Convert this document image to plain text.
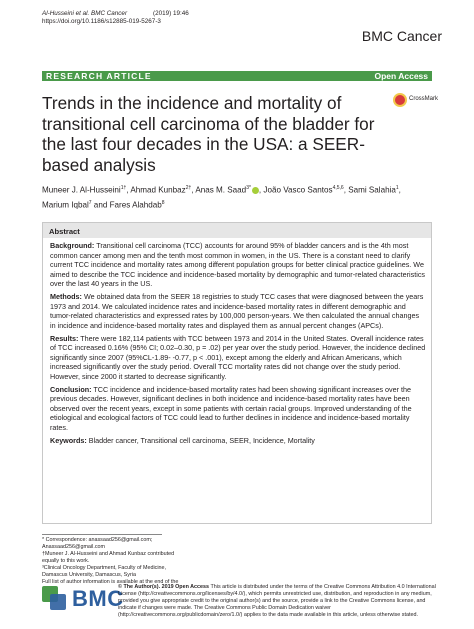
Al-Husseini et al. BMC Cancer	(2019) 19:46
https://doi.org/10.1186/s12885-019-5267-3
BMC Cancer
RESEARCH ARTICLE	Open Access
CrossMark
Trends in the incidence and mortality of transitional cell carcinoma of the bladder for the last four decades in the USA: a SEER-based analysis
Muneer J. Al-Husseini$^{1\dagger}$, Ahmad Kunbaz$^{2\dagger}$, Anas M. Saad$^{3*}$ , João Vasco Santos$^{4,5,6}$, Sami Salahia$^1$,
Marium Iqbal$^7$ and Fares Alahdab$^8$
Abstract

Background: Transitional cell carcinoma (TCC) accounts for around 95% of bladder cancers and is the 4th most common cancer among men and the tenth most common in women, in the US. There is a constant need to clarify current TCC incidence and mortality rates among different population groups for better clinical practice guidelines. We aimed to describe the TCC incidence and incidence-based mortality by demographic and tumor-related characteristics over the last 40 years in the US.

Methods: We obtained data from the SEER 18 registries to study TCC cases that were diagnosed between the years 1973 and 2014. We calculated incidence rates and incidence-based mortality rates in different demographic and tumor-related characteristics and expressed rates by 100,000 person-years. We then calculated the annual changes in incidence and incidence-based mortality rates and displayed them as annual percent changes (APCs).

Results: There were 182,114 patients with TCC between 1973 and 2014 in the United States. Overall incidence rates of TCC increased 0.16% (95% CI; 0.02–0.30, p = .02) per year over the study period. However, the incidence declined significantly since 2007 (95%CL-1.89- -0.77, p < .001), except among the elderly and African Americans, which increased significantly over the study period. Overall TCC mortality rates did not change over the study period. However, since 2000 it started to decrease significantly.

Conclusion: TCC incidence and incidence-based mortality rates had been showing significant increases over the previous decades. However, significant declines in both incidence and incidence-based mortality rates have been observed over the recent years, except in some patients with certain racial groups. Improved understanding of the etiological and ecological factors of TCC could lead to further declines in incidence and incidence-based mortality rates.

Keywords: Bladder cancer, Transitional cell carcinoma, SEER, Incidence, Mortality

* Correspondence: anassaad256@gmail.com; Anassaad256@gmail.com

†Muneer J. Al-Husseini and Ahmad Kunbaz contributed equally to this work.

³Clinical Oncology Department, Faculty of Medicine, Damascus University, Damascus, Syria

Full list of author information is available at the end of the

BMC
© The Author(s). 2019 Open Access This article is distributed under the terms of the Creative Commons Attribution 4.0 International License (http://creativecommons.org/licenses/by/4.0/), which permits unrestricted use, distribution, and reproduction in any medium, provided you give appropriate credit to the original author(s) and the source, provide a link to the Creative Commons license, and indicate if changes were made. The Creative Commons Public Domain Dedication waiver (http://creativecommons.org/publicdomain/zero/1.0/) applies to the data made available in this article, unless otherwise stated.
